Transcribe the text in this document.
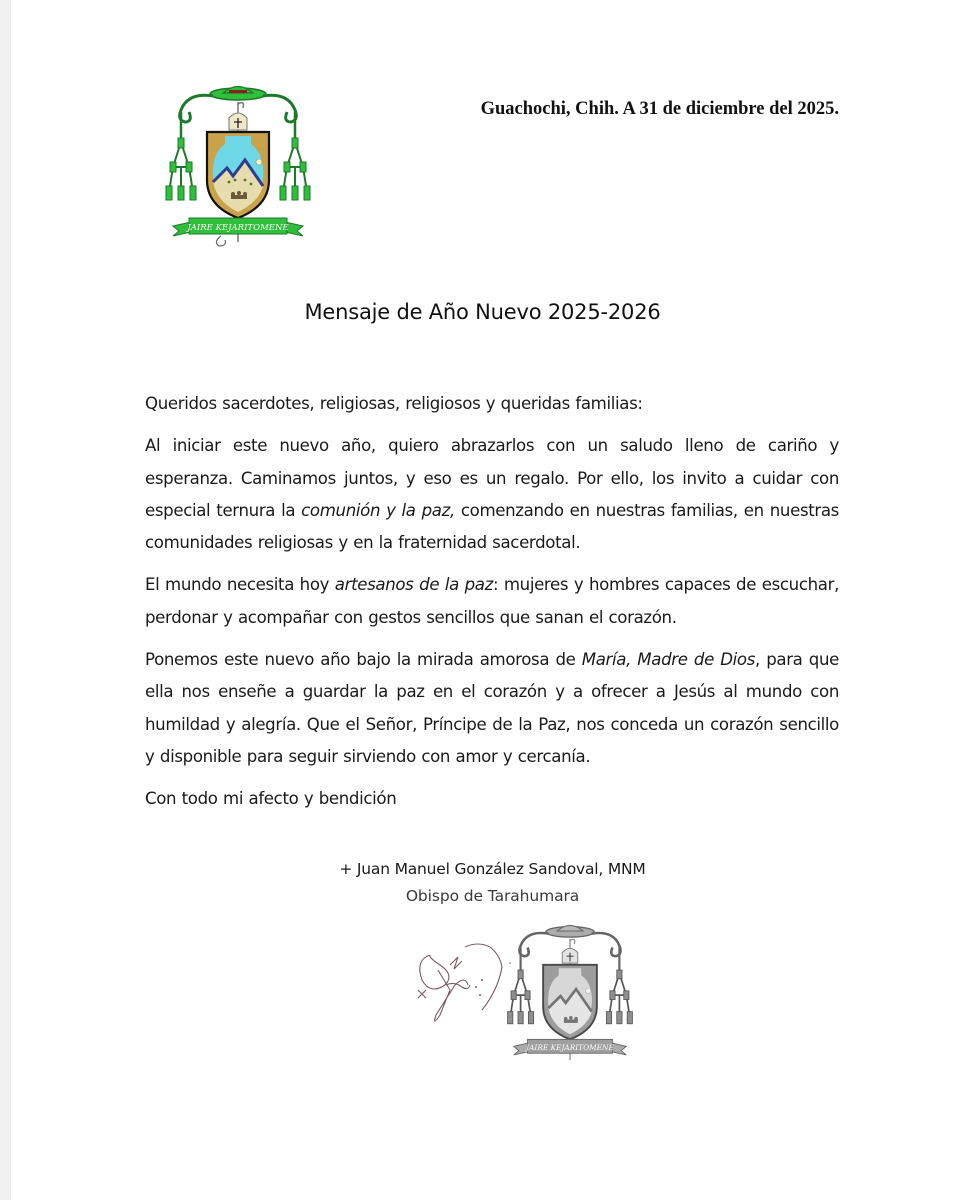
JAIRE KEJARITOMENE
Guachochi, Chih. A 31 de diciembre del 2025.
Mensaje de Año Nuevo 2025-2026

Queridos sacerdotes, religiosas, religiosos y queridas familias:

Al iniciar este nuevo año, quiero abrazarlos con un saludo lleno de cariño y esperanza. Caminamos juntos, y eso es un regalo. Por ello, los invito a cuidar con especial ternura la comunión y la paz, comenzando en nuestras familias, en nuestras comunidades religiosas y en la fraternidad sacerdotal.

El mundo necesita hoy artesanos de la paz: mujeres y hombres capaces de escuchar, perdonar y acompañar con gestos sencillos que sanan el corazón.

Ponemos este nuevo año bajo la mirada amorosa de María, Madre de Dios, para que ella nos enseñe a guardar la paz en el corazón y a ofrecer a Jesús al mundo con humildad y alegría. Que el Señor, Príncipe de la Paz, nos conceda un corazón sencillo y disponible para seguir sirviendo con amor y cercanía.

Con todo mi afecto y bendición

+ Juan Manuel González Sandoval, MNM
Obispo de Tarahumara
JAIRE KEJARITOMENE
